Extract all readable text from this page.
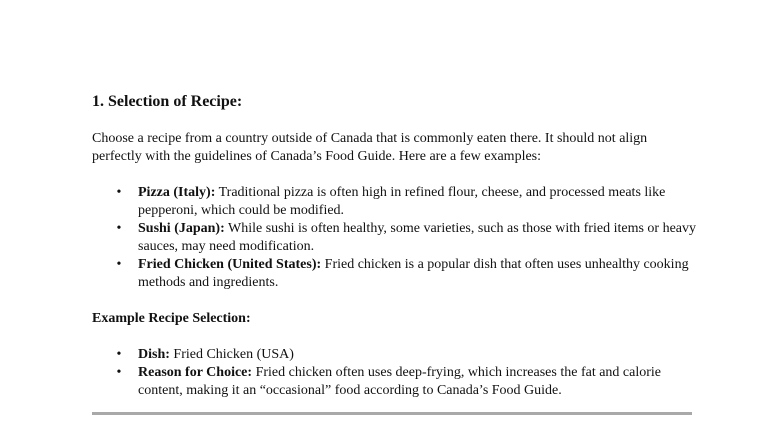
1. Selection of Recipe:

Choose a recipe from a country outside of Canada that is commonly eaten there. It should not align perfectly with the guidelines of Canada’s Food Guide. Here are a few examples:

• Pizza (Italy): Traditional pizza is often high in refined flour, cheese, and processed meats like pepperoni, which could be modified.
• Sushi (Japan): While sushi is often healthy, some varieties, such as those with fried items or heavy sauces, may need modification.
• Fried Chicken (United States): Fried chicken is a popular dish that often uses unhealthy cooking methods and ingredients.

Example Recipe Selection:

• Dish: Fried Chicken (USA)
• Reason for Choice: Fried chicken often uses deep-frying, which increases the fat and calorie content, making it an “occasional” food according to Canada’s Food Guide.
